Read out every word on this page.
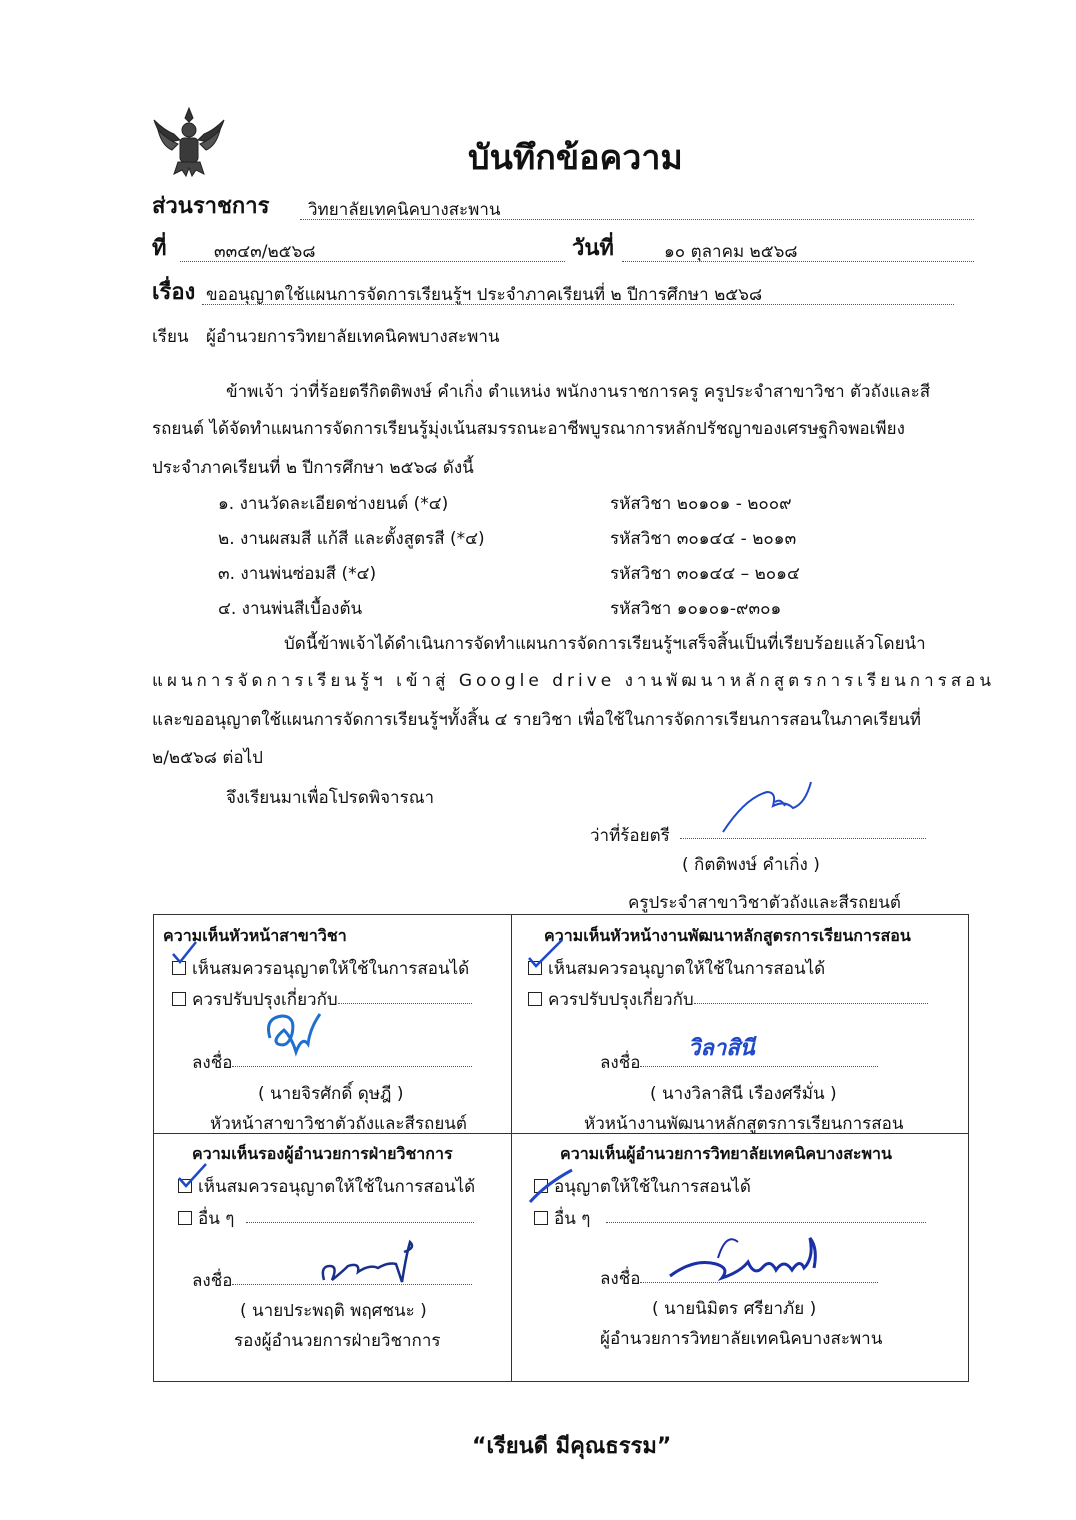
บันทึกข้อความ
ส่วนราชการ วิทยาลัยเทคนิคบางสะพาน
ที่	๓๓๔๓/๒๕๖๘	วันที่	๑๐ ตุลาคม ๒๕๖๘
เรื่อง ขออนุญาตใช้แผนการจัดการเรียนรู้ฯ ประจำภาคเรียนที่ ๒ ปีการศึกษา ๒๕๖๘
เรียน ผู้อำนวยการวิทยาลัยเทคนิคพบางสะพาน
ข้าพเจ้า ว่าที่ร้อยตรีกิตติพงษ์ คำเกิ่ง ตำแหน่ง พนักงานราชการครู ครูประจำสาขาวิชา ตัวถังและสี
รถยนต์ ได้จัดทำแผนการจัดการเรียนรู้มุ่งเน้นสมรรถนะอาชีพบูรณาการหลักปรัชญาของเศรษฐกิจพอเพียง
ประจำภาคเรียนที่ ๒ ปีการศึกษา ๒๕๖๘ ดังนี้
๑. งานวัดละเอียดช่างยนต์ (*๔)	รหัสวิชา ๒๐๑๐๑ - ๒๐๐๙
๒. งานผสมสี แก้สี และตั้งสูตรสี (*๔)	รหัสวิชา ๓๐๑๔๔ - ๒๐๑๓
๓. งานพ่นซ่อมสี (*๔)	รหัสวิชา ๓๐๑๔๔ – ๒๐๑๔
๔. งานพ่นสีเบื้องต้น	รหัสวิชา ๑๐๑๐๑-๙๓๐๑
บัดนี้ข้าพเจ้าได้ดำเนินการจัดทำแผนการจัดการเรียนรู้ฯเสร็จสิ้นเป็นที่เรียบร้อยแล้วโดยนำ
แผนการจัดการเรียนรู้ฯ เข้าสู่ Google drive งานพัฒนาหลักสูตรการเรียนการสอน
และขออนุญาตใช้แผนการจัดการเรียนรู้ฯทั้งสิ้น ๔ รายวิชา เพื่อใช้ในการจัดการเรียนการสอนในภาคเรียนที่
๒/๒๕๖๘ ต่อไป
จึงเรียนมาเพื่อโปรดพิจารณา
ว่าที่ร้อยตรี
( กิตติพงษ์ คำเกิ่ง )
ครูประจำสาขาวิชาตัวถังและสีรถยนต์
ความเห็นหัวหน้าสาขาวิชา
เห็นสมควรอนุญาตให้ใช้ในการสอนได้
ควรปรับปรุงเกี่ยวกับ
ลงชื่อ
( นายจิรศักดิ์ ดุษฎี )
หัวหน้าสาขาวิชาตัวถังและสีรถยนต์
ความเห็นหัวหน้างานพัฒนาหลักสูตรการเรียนการสอน
เห็นสมควรอนุญาตให้ใช้ในการสอนได้
ควรปรับปรุงเกี่ยวกับ
ลงชื่อ
วิลาสินี
( นางวิลาสินี เรืองศรีมั่น )
หัวหน้างานพัฒนาหลักสูตรการเรียนการสอน
ความเห็นรองผู้อำนวยการฝ่ายวิชาการ
เห็นสมควรอนุญาตให้ใช้ในการสอนได้
อื่น ๆ
ลงชื่อ
( นายประพฤติ พฤศชนะ )
รองผู้อำนวยการฝ่ายวิชาการ
ความเห็นผู้อำนวยการวิทยาลัยเทคนิคบางสะพาน
อนุญาตให้ใช้ในการสอนได้
อื่น ๆ
ลงชื่อ
( นายนิมิตร ศรียาภัย )
ผู้อำนวยการวิทยาลัยเทคนิคบางสะพาน
“เรียนดี มีคุณธรรม”
